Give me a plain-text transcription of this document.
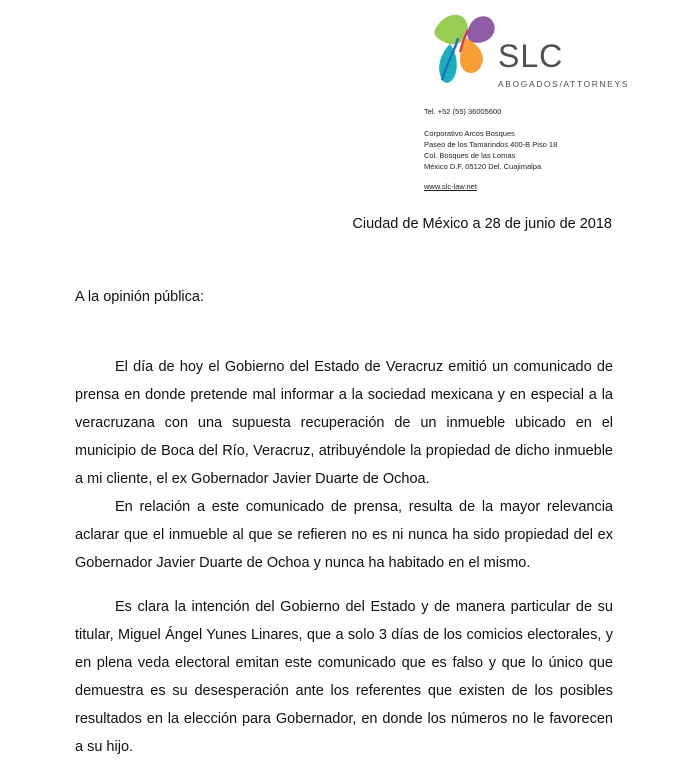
SLC
ABOGADOS/ATTORNEYS
Tel. +52 (55) 36005600
Corporativo Arcos Bosques
Paseo de los Tamarindos 400-B Piso 18
Col. Bosques de las Lomas
México D.F. 05120 Del. Cuajimalpa
www.slc-law.net
Ciudad de México a 28 de junio de 2018
A la opinión pública:

El día de hoy el Gobierno del Estado de Veracruz emitió un comunicado de prensa en donde pretende mal informar a la sociedad mexicana y en especial a la veracruzana con una supuesta recuperación de un inmueble ubicado en el municipio de Boca del Río, Veracruz, atribuyéndole la propiedad de dicho inmueble a mi cliente, el ex Gobernador Javier Duarte de Ochoa.

En relación a este comunicado de prensa, resulta de la mayor relevancia aclarar que el inmueble al que se refieren no es ni nunca ha sido propiedad del ex Gobernador Javier Duarte de Ochoa y nunca ha habitado en el mismo.

Es clara la intención del Gobierno del Estado y de manera particular de su titular, Miguel Ángel Yunes Linares, que a solo 3 días de los comicios electorales, y en plena veda electoral emitan este comunicado que es falso y que lo único que demuestra es su desesperación ante los referentes que existen de los posibles resultados en la elección para Gobernador, en donde los números no le favorecen a su hijo.
